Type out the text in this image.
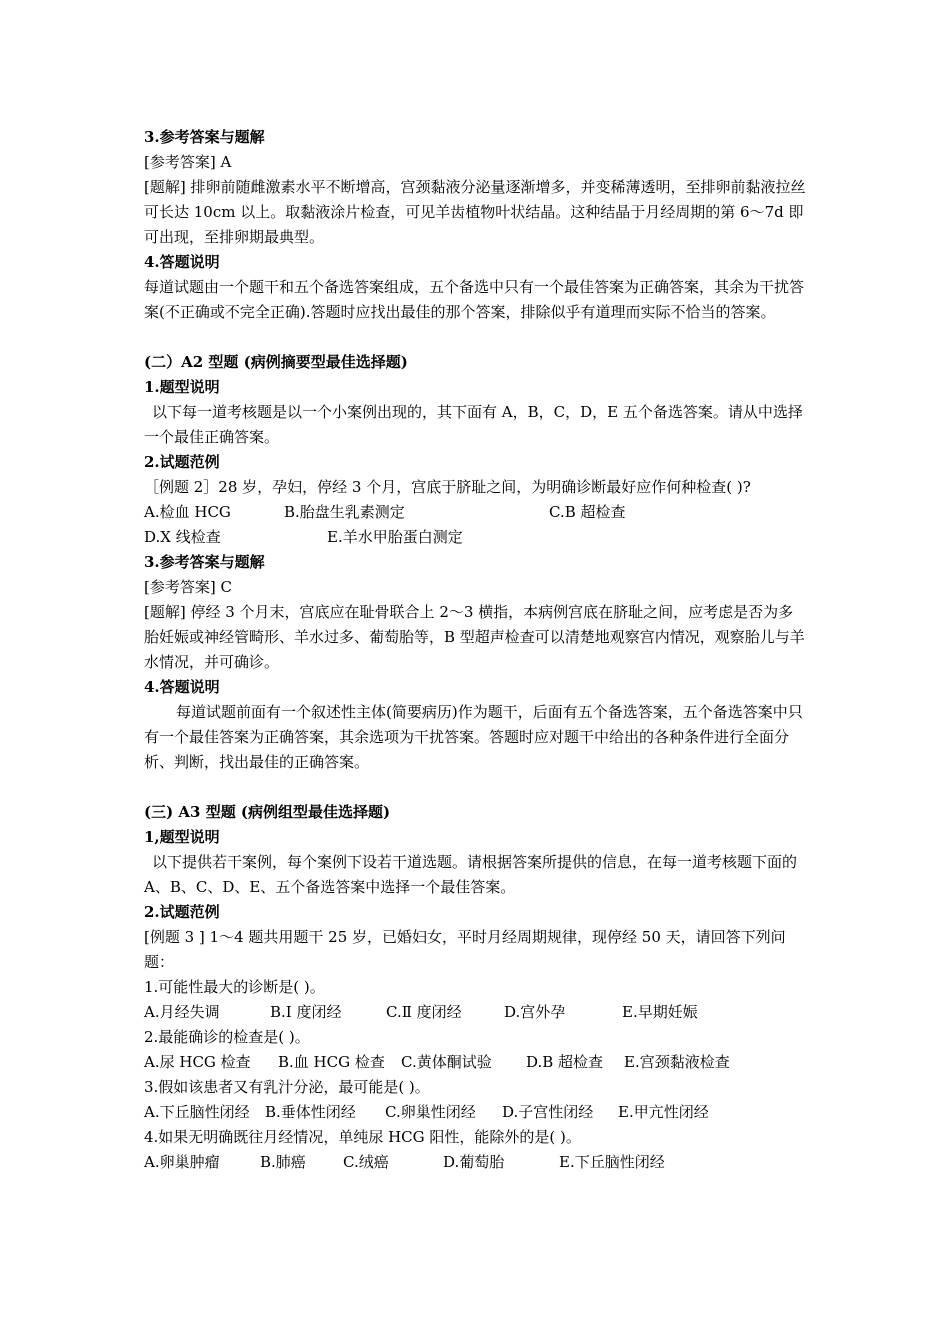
3.参考答案与题解
[参考答案] A
[题解] 排卵前随雌激素水平不断增高，宫颈黏液分泌量逐渐增多，并变稀薄透明，至排卵前黏液拉丝可长达 10cm 以上。取黏液涂片检查，可见羊齿植物叶状结晶。这种结晶于月经周期的第 6～7d 即可出现，至排卵期最典型。
4.答题说明
每道试题由一个题干和五个备选答案组成，五个备选中只有一个最佳答案为正确答案，其余为干扰答案(不正确或不完全正确).答题时应找出最佳的那个答案，排除似乎有道理而实际不恰当的答案。
(二）A2 型题 (病例摘要型最佳选择题)
1.题型说明
以下每一道考核题是以一个小案例出现的，其下面有 A，B，C，D，E 五个备选答案。请从中选择一个最佳正确答案。
2.试题范例
［例题 2］28 岁，孕妇，停经 3 个月，宫底于脐耻之间，为明确诊断最好应作何种检查( )?
A.检血 HCG	B.胎盘生乳素测定	C.B 超检查
D.X 线检查	E.羊水甲胎蛋白测定
3.参考答案与题解
[参考答案] C
[题解] 停经 3 个月末，宫底应在耻骨联合上 2～3 横指，本病例宫底在脐耻之间，应考虑是否为多胎妊娠或神经管畸形、羊水过多、葡萄胎等，B 型超声检查可以清楚地观察宫内情况，观察胎儿与羊水情况，并可确诊。
4.答题说明
每道试题前面有一个叙述性主体(简要病历)作为题干，后面有五个备选答案，五个备选答案中只有一个最佳答案为正确答案，其余选项为干扰答案。答题时应对题干中给出的各种条件进行全面分析、判断，找出最佳的正确答案。
(三) A3 型题 (病例组型最佳选择题)
1,题型说明
以下提供若干案例，每个案例下设若干道选题。请根据答案所提供的信息，在每一道考核题下面的 A、B、C、D、E、五个备选答案中选择一个最佳答案。
2.试题范例
[例题 3 ] 1～4 题共用题干 25 岁，已婚妇女，平时月经周期规律，现停经 50 天，请回答下列问题：
1.可能性最大的诊断是( )。
A.月经失调	B.I 度闭经	C.Ⅱ 度闭经	D.宫外孕	E.早期妊娠
2.最能确诊的检查是( )。
A.尿 HCG 检查	B.血 HCG 检查	C.黄体酮试验	D.B 超检查	E.宫颈黏液检查
3.假如该患者又有乳汁分泌，最可能是( )。
A.下丘脑性闭经	B.垂体性闭经	C.卵巢性闭经	D.子宫性闭经	E.甲亢性闭经
4.如果无明确既往月经情况，单纯尿 HCG 阳性，能除外的是( )。
A.卵巢肿瘤	B.肺癌	C.绒癌	D.葡萄胎	E.下丘脑性闭经
